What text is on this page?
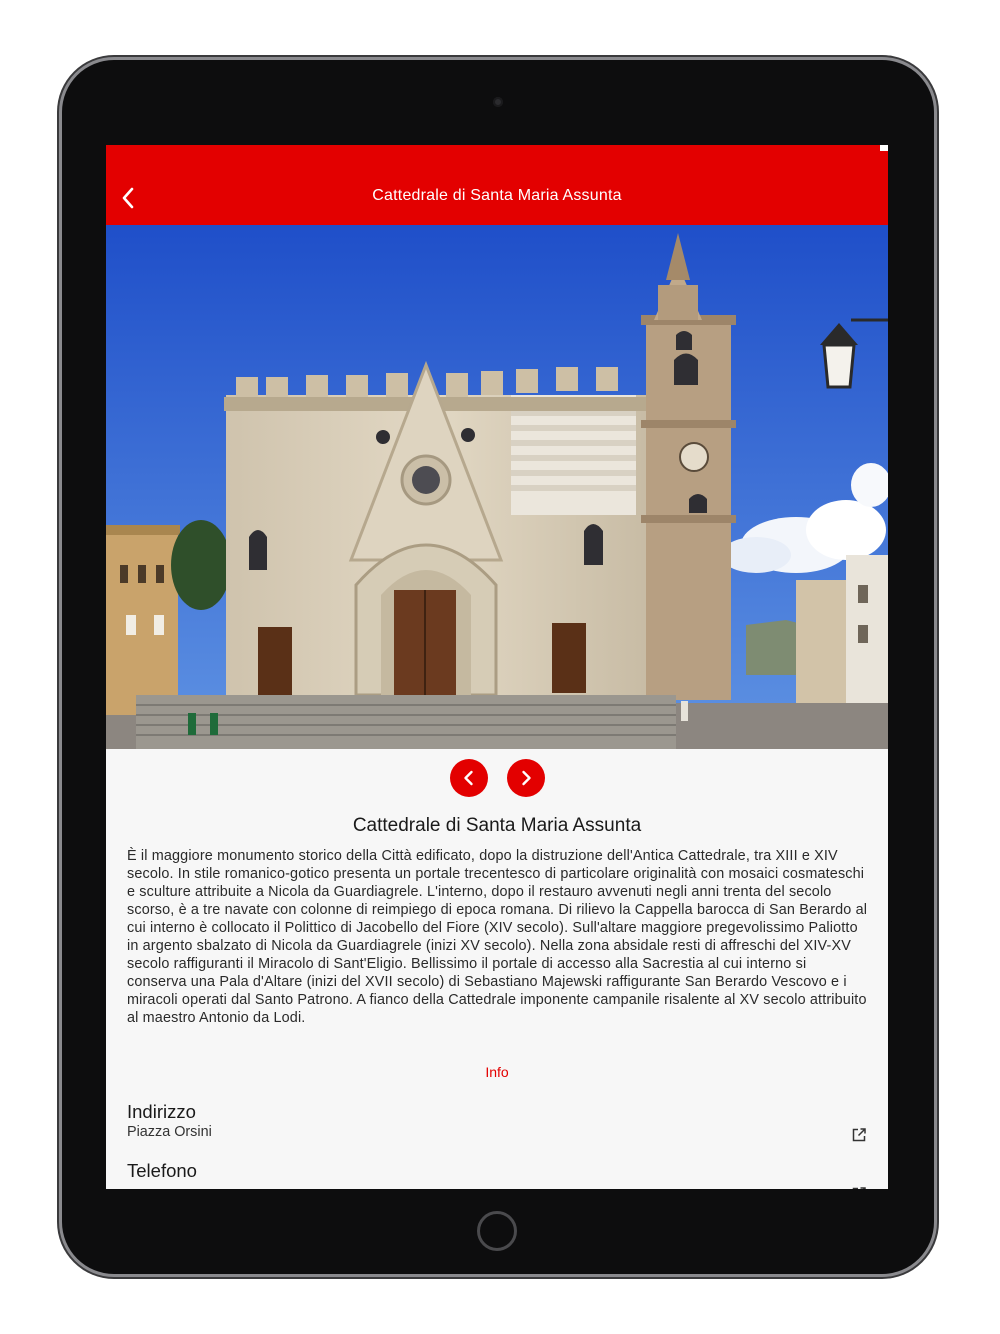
Cattedrale di Santa Maria Assunta
Cattedrale di Santa Maria Assunta

È il maggiore monumento storico della Città edificato, dopo la distruzione dell'Antica Cattedrale, tra XIII e XIV secolo. In stile romanico-gotico presenta un portale trecentesco di particolare originalità con mosaici cosmateschi e sculture attribuite a Nicola da Guardiagrele. L'interno, dopo il restauro avvenuti negli anni trenta del secolo scorso, è a tre navate con colonne di reimpiego di epoca romana. Di rilievo la Cappella barocca di San Berardo al cui interno è collocato il Polittico di Jacobello del Fiore (XIV secolo). Sull'altare maggiore pregevolissimo Paliotto in argento sbalzato di Nicola da Guardiagrele (inizi XV secolo). Nella zona absidale resti di affreschi del XIV-XV secolo raffiguranti il Miracolo di Sant'Eligio. Bellissimo il portale di accesso alla Sacrestia al cui interno si conserva una Pala d'Altare (inizi del XVII secolo) di Sebastiano Majewski raffigurante San Berardo Vescovo e i miracoli operati dal Santo Patrono. A fianco della Cattedrale imponente campanile risalente al XV secolo attribuito al maestro Antonio da Lodi.

Info
Indirizzo
Piazza Orsini
Telefono
